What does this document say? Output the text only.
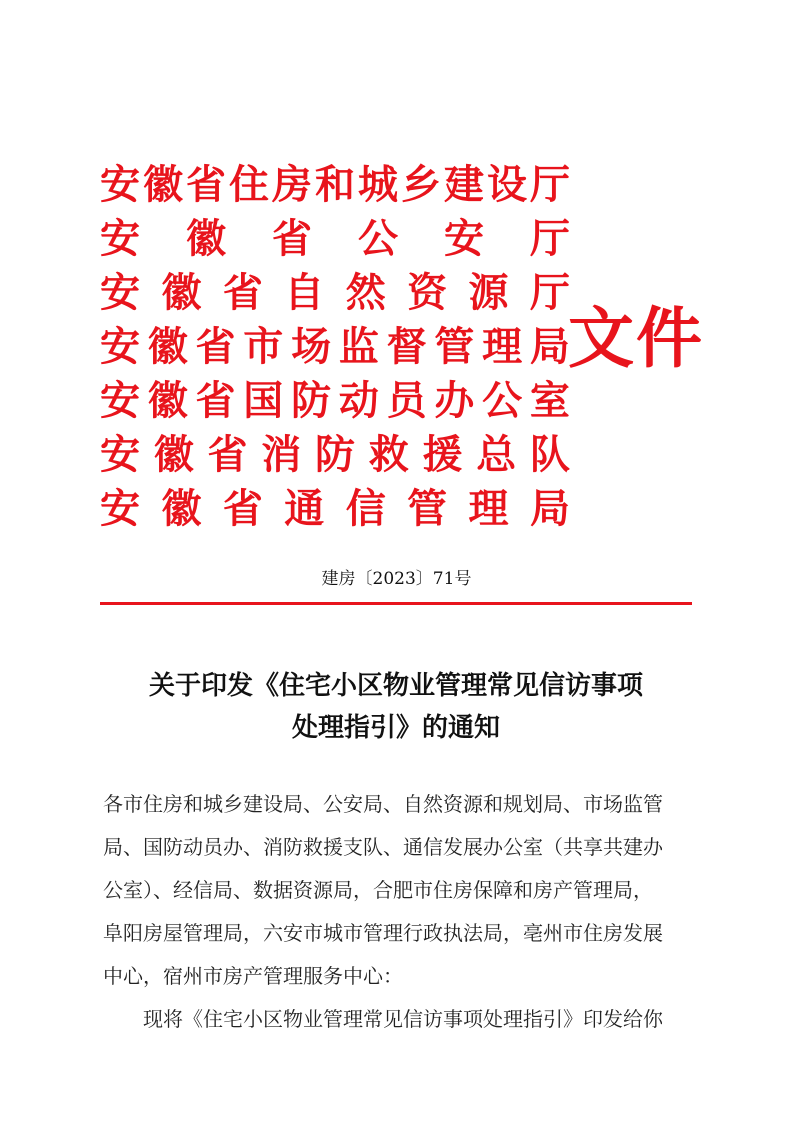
安 徽 省 住 房 和 城 乡 建 设 厅
安 徽 省 公 安 厅
安 徽 省 自 然 资 源 厅
安 徽 省 市 场 监 督 管 理 局
安 徽 省 国 防 动 员 办 公 室
安 徽 省 消 防 救 援 总 队
安 徽 省 通 信 管 理 局
文件
建房〔2023〕71号
关于印发《住宅小区物业管理常见信访事项
处理指引》的通知
各市住房和城乡建设局、公安局、自然资源和规划局、市场监管
局、国防动员办、消防救援支队、通信发展办公室（共享共建办
公室）、经信局、数据资源局，合肥市住房保障和房产管理局，
阜阳房屋管理局，六安市城市管理行政执法局，亳州市住房发展
中心，宿州市房产管理服务中心：
现将《住宅小区物业管理常见信访事项处理指引》印发给你
